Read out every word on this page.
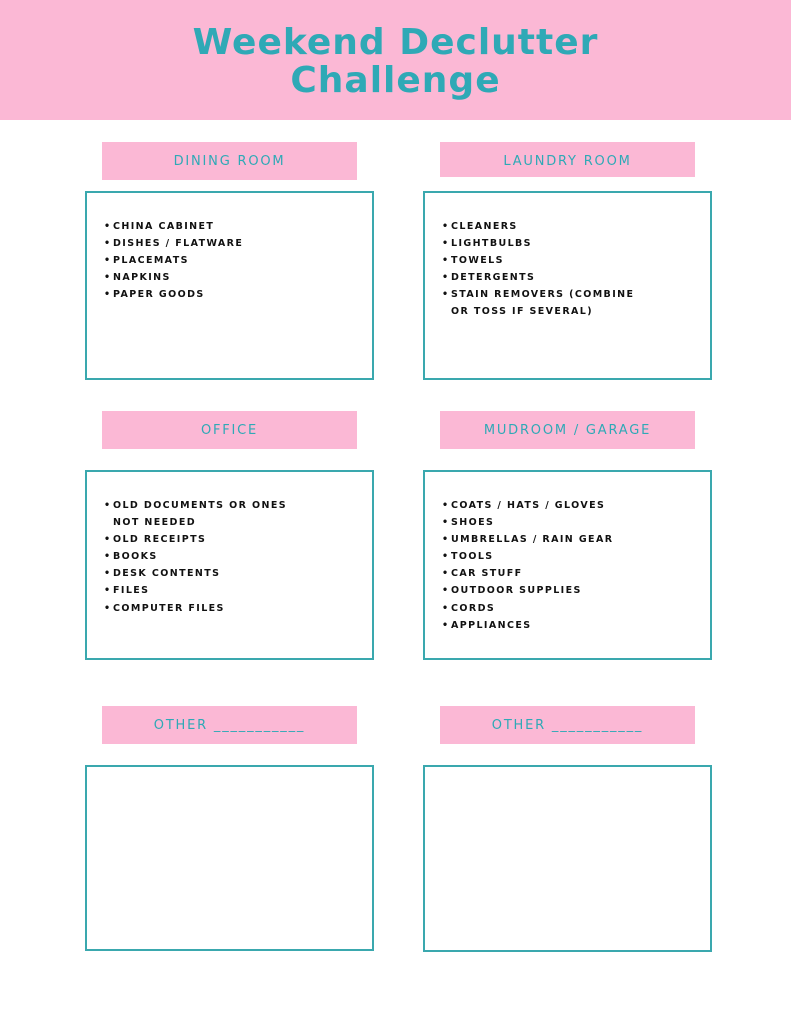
Weekend Declutter
Challenge
DINING ROOM	LAUNDRY ROOM
• CHINA CABINET
• DISHES / FLATWARE
• PLACEMATS
• NAPKINS
• PAPER GOODS
• CLEANERS
• LIGHTBULBS
• TOWELS
• DETERGENTS
• STAIN REMOVERS (COMBINE
OR TOSS IF SEVERAL)
OFFICE	MUDROOM / GARAGE
• OLD DOCUMENTS OR ONES
NOT NEEDED
• OLD RECEIPTS
• BOOKS
• DESK CONTENTS
• FILES
• COMPUTER FILES
• COATS / HATS / GLOVES
• SHOES
• UMBRELLAS / RAIN GEAR
• TOOLS
• CAR STUFF
• OUTDOOR SUPPLIES
• CORDS
• APPLIANCES
OTHER ___________	OTHER ___________
